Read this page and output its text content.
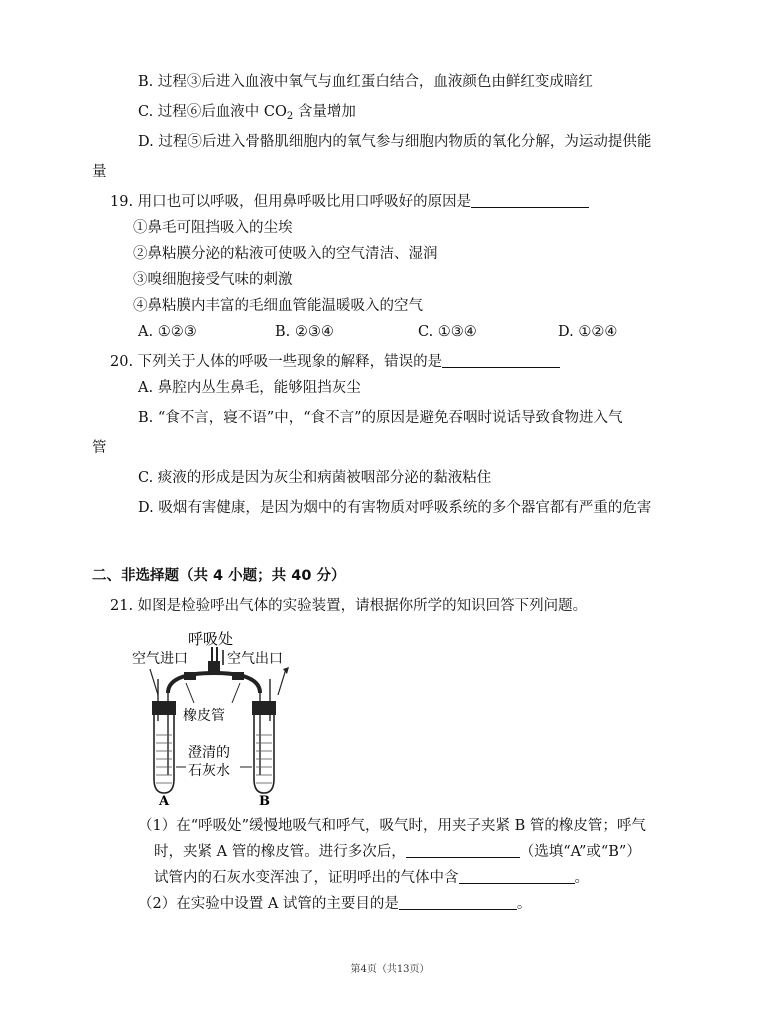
B. 过程③后进入血液中氧气与血红蛋白结合，血液颜色由鲜红变成暗红
C. 过程⑥后血液中 $CO_2$ 含量增加
D. 过程⑤后进入骨骼肌细胞内的氧气参与细胞内物质的氧化分解，为运动提供能
量
19. 用口也可以呼吸，但用鼻呼吸比用口呼吸好的原因是
①鼻毛可阻挡吸入的尘埃
②鼻粘膜分泌的粘液可使吸入的空气清洁、湿润
③嗅细胞接受气味的刺激
④鼻粘膜内丰富的毛细血管能温暖吸入的空气
A. ①②③	B. ②③④	C. ①③④	D. ①②④
20. 下列关于人体的呼吸一些现象的解释，错误的是
A. 鼻腔内丛生鼻毛，能够阻挡灰尘
B. “食不言，寝不语”中，“食不言”的原因是避免吞咽时说话导致食物进入气
管
C. 痰液的形成是因为灰尘和病菌被咽部分泌的黏液粘住
D. 吸烟有害健康，是因为烟中的有害物质对呼吸系统的多个器官都有严重的危害
二、非选择题（共 4 小题；共 40 分）
21. 如图是检验呼出气体的实验装置，请根据你所学的知识回答下列问题。
呼吸处
空气进口	空气出口
橡皮管
澄清的
石灰水
A	B
（1）在“呼吸处”缓慢地吸气和呼气，吸气时，用夹子夹紧 B 管的橡皮管；呼气
时，夹紧 A 管的橡皮管。进行多次后，	（选填“A”或“B”）
试管内的石灰水变浑浊了，证明呼出的气体中含	。
（2）在实验中设置 A 试管的主要目的是	。
第4页（共13页）
